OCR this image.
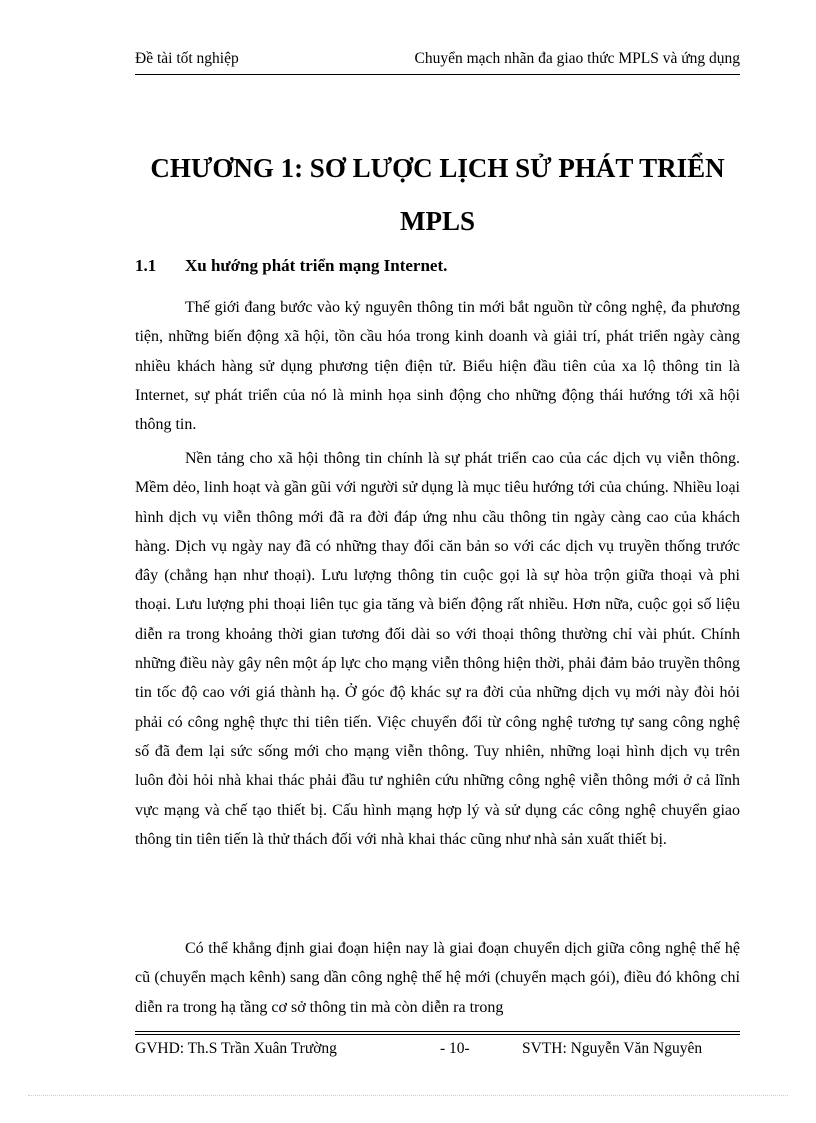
Đề tài tốt nghiệp	Chuyển mạch nhãn đa giao thức MPLS và ứng dụng
CHƯƠNG 1: SƠ LƯỢC LỊCH SỬ PHÁT TRIỂN
MPLS
1.1 Xu hướng phát triển mạng Internet.

Thế giới đang bước vào kỷ nguyên thông tin mới bắt nguồn từ công nghệ, đa phương tiện, những biến động xã hội, tồn cầu hóa trong kinh doanh và giải trí, phát triển ngày càng nhiều khách hàng sử dụng phương tiện điện tử. Biểu hiện đầu tiên của xa lộ thông tin là Internet, sự phát triển của nó là minh họa sinh động cho những động thái hướng tới xã hội thông tin.

Nền tảng cho xã hội thông tin chính là sự phát triển cao của các dịch vụ viễn thông. Mềm dẻo, linh hoạt và gần gũi với người sử dụng là mục tiêu hướng tới của chúng. Nhiều loại hình dịch vụ viễn thông mới đã ra đời đáp ứng nhu cầu thông tin ngày càng cao của khách hàng. Dịch vụ ngày nay đã có những thay đổi căn bản so với các dịch vụ truyền thống trước đây (chẳng hạn như thoại). Lưu lượng thông tin cuộc gọi là sự hòa trộn giữa thoại và phi thoại. Lưu lượng phi thoại liên tục gia tăng và biến động rất nhiều. Hơn nữa, cuộc gọi số liệu diễn ra trong khoảng thời gian tương đối dài so với thoại thông thường chỉ vài phút. Chính những điều này gây nên một áp lực cho mạng viễn thông hiện thời, phải đảm bảo truyền thông tin tốc độ cao với giá thành hạ. Ở góc độ khác sự ra đời của những dịch vụ mới này đòi hỏi phải có công nghệ thực thi tiên tiến. Việc chuyển đổi từ công nghệ tương tự sang công nghệ số đã đem lại sức sống mới cho mạng viễn thông. Tuy nhiên, những loại hình dịch vụ trên luôn đòi hỏi nhà khai thác phải đầu tư nghiên cứu những công nghệ viễn thông mới ở cả lĩnh vực mạng và chế tạo thiết bị. Cấu hình mạng hợp lý và sử dụng các công nghệ chuyển giao thông tin tiên tiến là thử thách đối với nhà khai thác cũng như nhà sản xuất thiết bị.

Có thể khẳng định giai đoạn hiện nay là giai đoạn chuyển dịch giữa công nghệ thế hệ cũ (chuyển mạch kênh) sang dần công nghệ thế hệ mới (chuyển mạch gói), điều đó không chỉ diễn ra trong hạ tầng cơ sở thông tin mà còn diễn ra trong

GVHD: Th.S Trần Xuân Trường	- 10-	SVTH: Nguyễn Văn Nguyên
